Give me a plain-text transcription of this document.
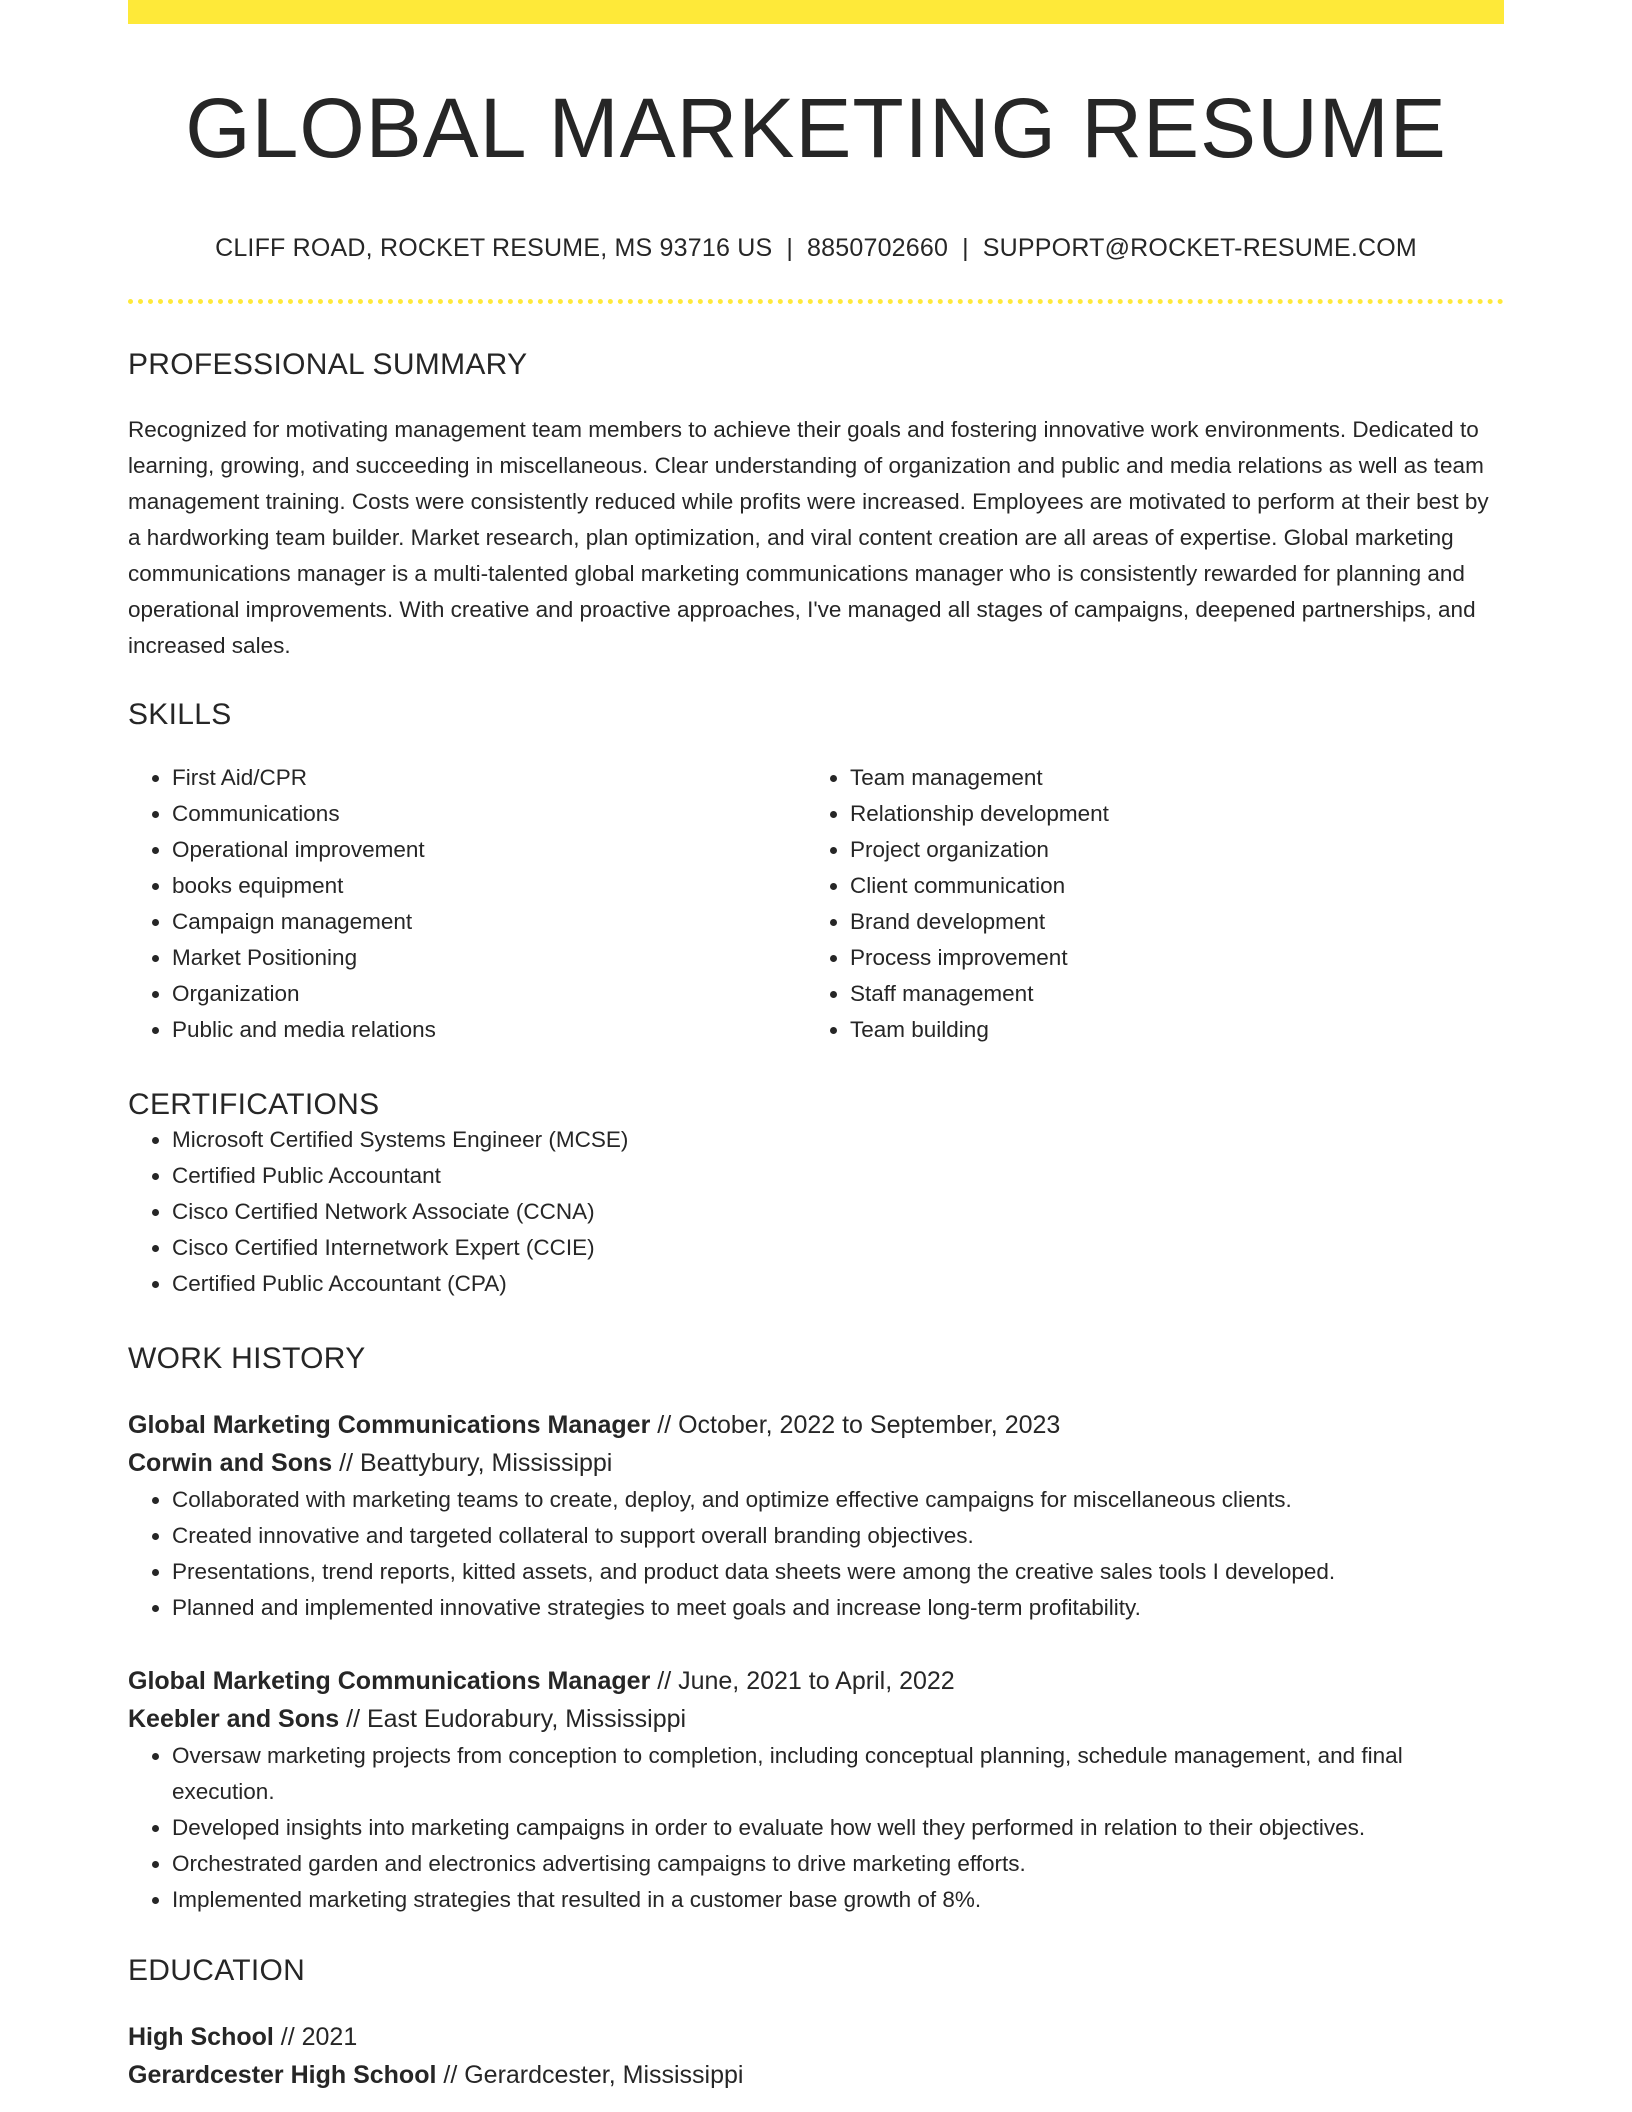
GLOBAL MARKETING RESUME
CLIFF ROAD, ROCKET RESUME, MS 93716 US | 8850702660 | SUPPORT@ROCKET-RESUME.COM
PROFESSIONAL SUMMARY

Recognized for motivating management team members to achieve their goals and fostering innovative work environments. Dedicated to learning, growing, and succeeding in miscellaneous. Clear understanding of organization and public and media relations as well as team management training. Costs were consistently reduced while profits were increased. Employees are motivated to perform at their best by a hardworking team builder. Market research, plan optimization, and viral content creation are all areas of expertise. Global marketing communications manager is a multi-talented global marketing communications manager who is consistently rewarded for planning and operational improvements. With creative and proactive approaches, I've managed all stages of campaigns, deepened partnerships, and increased sales.

SKILLS
• First Aid/CPR
• Communications
• Operational improvement
• books equipment
• Campaign management
• Market Positioning
• Organization
• Public and media relations
• Team management
• Relationship development
• Project organization
• Client communication
• Brand development
• Process improvement
• Staff management
• Team building
CERTIFICATIONS
• Microsoft Certified Systems Engineer (MCSE)
• Certified Public Accountant
• Cisco Certified Network Associate (CCNA)
• Cisco Certified Internetwork Expert (CCIE)
• Certified Public Accountant (CPA)
WORK HISTORY
Global Marketing Communications Manager // October, 2022 to September, 2023
Corwin and Sons // Beattybury, Mississippi
• Collaborated with marketing teams to create, deploy, and optimize effective campaigns for miscellaneous clients.
• Created innovative and targeted collateral to support overall branding objectives.
• Presentations, trend reports, kitted assets, and product data sheets were among the creative sales tools I developed.
• Planned and implemented innovative strategies to meet goals and increase long-term profitability.
Global Marketing Communications Manager // June, 2021 to April, 2022
Keebler and Sons // East Eudorabury, Mississippi
• Oversaw marketing projects from conception to completion, including conceptual planning, schedule management, and final execution.
• Developed insights into marketing campaigns in order to evaluate how well they performed in relation to their objectives.
• Orchestrated garden and electronics advertising campaigns to drive marketing efforts.
• Implemented marketing strategies that resulted in a customer base growth of 8%.
EDUCATION
High School // 2021
Gerardcester High School // Gerardcester, Mississippi
